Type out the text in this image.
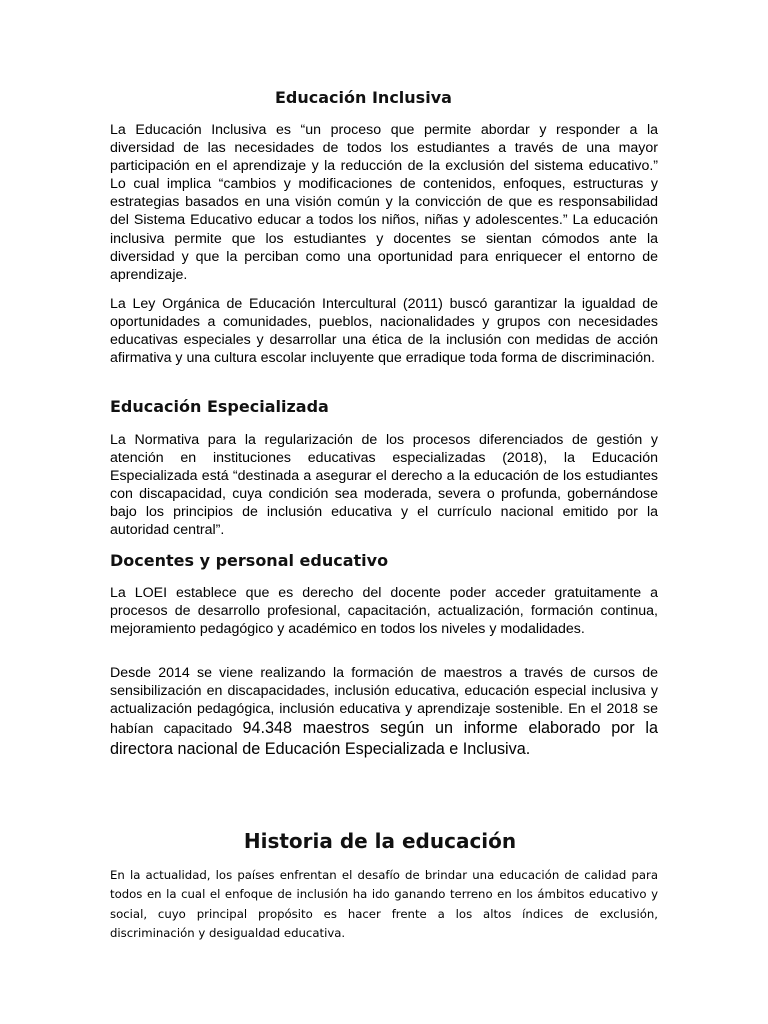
Educación Inclusiva

La Educación Inclusiva es “un proceso que permite abordar y responder a la diversidad de las necesidades de todos los estudiantes a través de una mayor participación en el aprendizaje y la reducción de la exclusión del sistema educativo.” Lo cual implica “cambios y modificaciones de contenidos, enfoques, estructuras y estrategias basados en una visión común y la convicción de que es responsabilidad del Sistema Educativo educar a todos los niños, niñas y adolescentes.” La educación inclusiva permite que los estudiantes y docentes se sientan cómodos ante la diversidad y que la perciban como una oportunidad para enriquecer el entorno de aprendizaje.

La Ley Orgánica de Educación Intercultural (2011) buscó garantizar la igualdad de oportunidades a comunidades, pueblos, nacionalidades y grupos con necesidades educativas especiales y desarrollar una ética de la inclusión con medidas de acción afirmativa y una cultura escolar incluyente que erradique toda forma de discriminación.

Educación Especializada

La Normativa para la regularización de los procesos diferenciados de gestión y atención en instituciones educativas especializadas (2018), la Educación Especializada está “destinada a asegurar el derecho a la educación de los estudiantes con discapacidad, cuya condición sea moderada, severa o profunda, gobernándose bajo los principios de inclusión educativa y el currículo nacional emitido por la autoridad central”.

Docentes y personal educativo

La LOEI establece que es derecho del docente poder acceder gratuitamente a procesos de desarrollo profesional, capacitación, actualización, formación continua, mejoramiento pedagógico y académico en todos los niveles y modalidades.

Desde 2014 se viene realizando la formación de maestros a través de cursos de sensibilización en discapacidades, inclusión educativa, educación especial inclusiva y actualización pedagógica, inclusión educativa y aprendizaje sostenible. En el 2018 se habían capacitado 94.348 maestros según un informe elaborado por la directora nacional de Educación Especializada e Inclusiva.

Historia de la educación

En la actualidad, los países enfrentan el desafío de brindar una educación de calidad para todos en la cual el enfoque de inclusión ha ido ganando terreno en los ámbitos educativo y social, cuyo principal propósito es hacer frente a los altos índices de exclusión, discriminación y desigualdad educativa.
